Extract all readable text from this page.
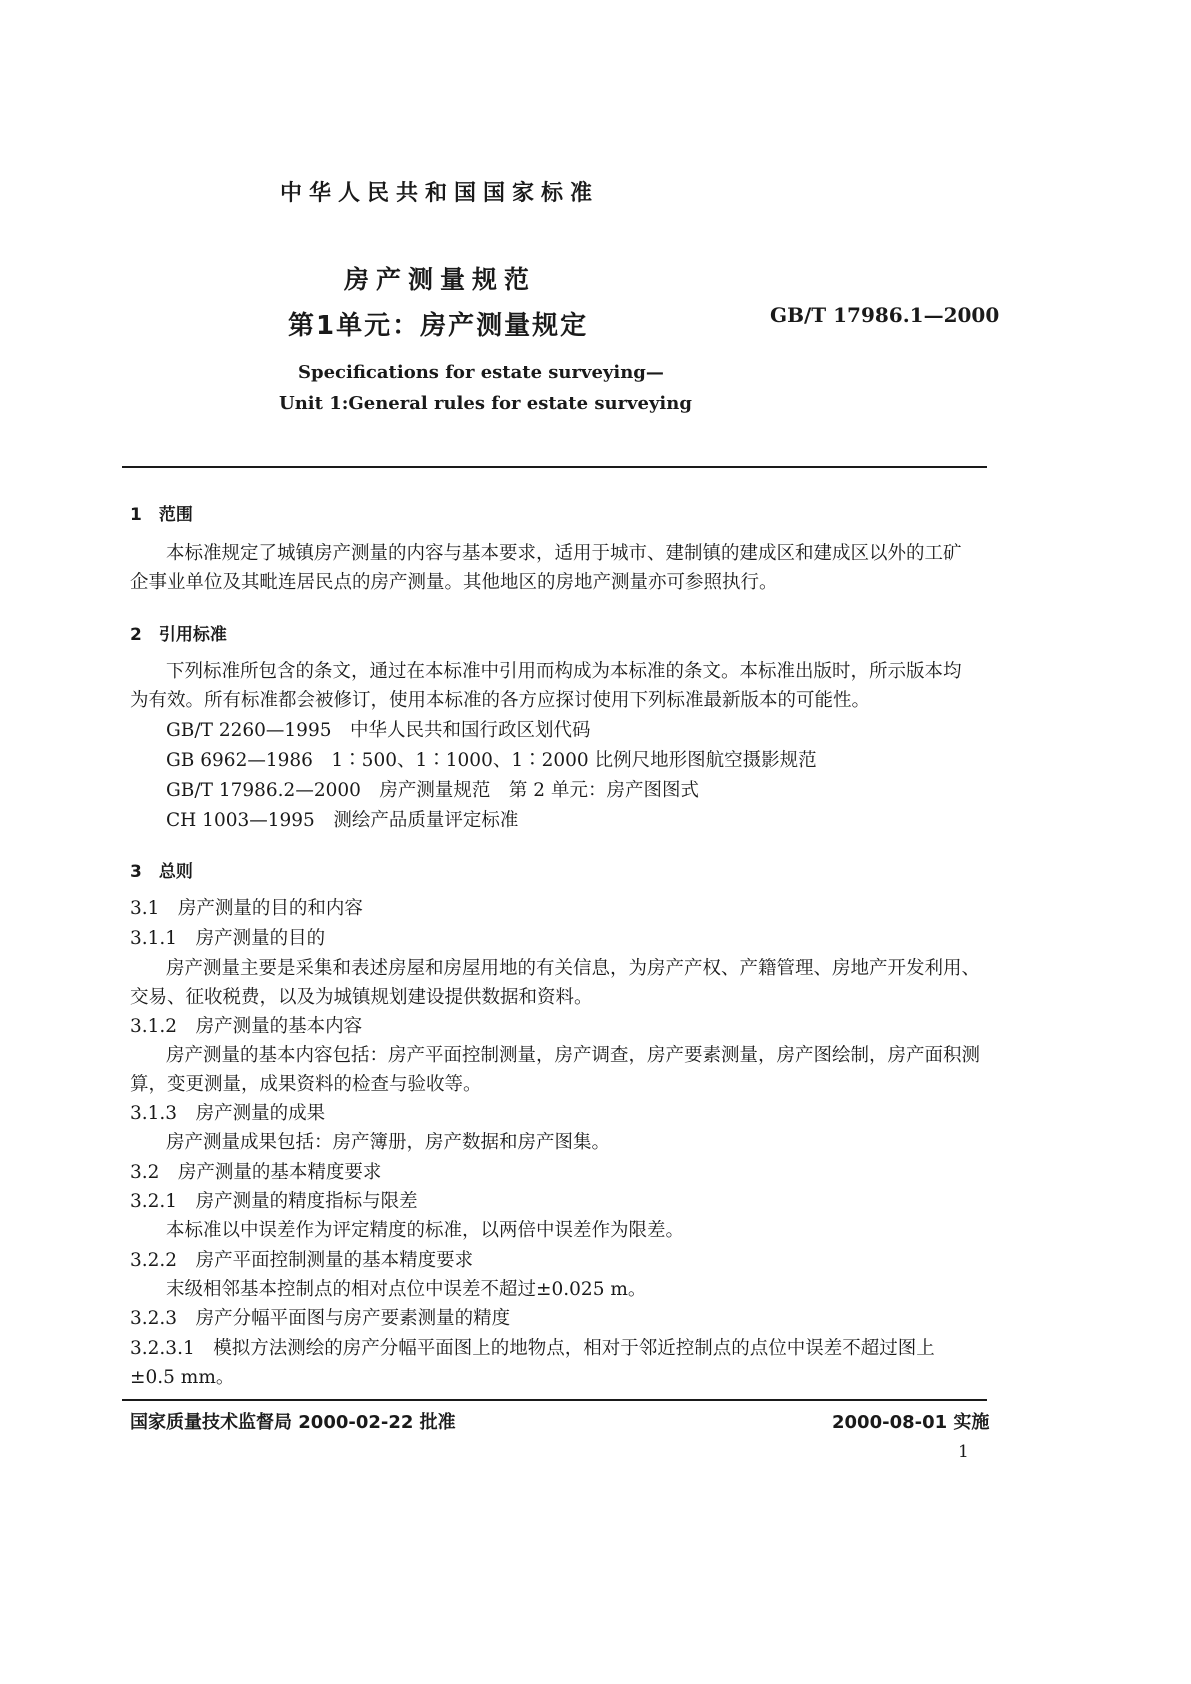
中华人民共和国国家标准
房产测量规范
第1单元：房产测量规定	GB/T 17986.1—2000
Specifications for estate surveying—
Unit 1:General rules for estate surveying
1　范围
本标准规定了城镇房产测量的内容与基本要求，适用于城市、建制镇的建成区和建成区以外的工矿
企事业单位及其毗连居民点的房产测量。其他地区的房地产测量亦可参照执行。
2　引用标准
下列标准所包含的条文，通过在本标准中引用而构成为本标准的条文。本标准出版时，所示版本均
为有效。所有标准都会被修订，使用本标准的各方应探讨使用下列标准最新版本的可能性。
GB/T 2260—1995　中华人民共和国行政区划代码
GB 6962—1986　1∶500、1∶1000、1∶2000 比例尺地形图航空摄影规范
GB/T 17986.2—2000　房产测量规范　第 2 单元：房产图图式
CH 1003—1995　测绘产品质量评定标准
3　总则
3.1　房产测量的目的和内容
3.1.1　房产测量的目的
房产测量主要是采集和表述房屋和房屋用地的有关信息，为房产产权、产籍管理、房地产开发利用、
交易、征收税费，以及为城镇规划建设提供数据和资料。
3.1.2　房产测量的基本内容
房产测量的基本内容包括：房产平面控制测量，房产调查，房产要素测量，房产图绘制，房产面积测
算，变更测量，成果资料的检查与验收等。
3.1.3　房产测量的成果
房产测量成果包括：房产簿册，房产数据和房产图集。
3.2　房产测量的基本精度要求
3.2.1　房产测量的精度指标与限差
本标准以中误差作为评定精度的标准，以两倍中误差作为限差。
3.2.2　房产平面控制测量的基本精度要求
末级相邻基本控制点的相对点位中误差不超过±0.025 m。
3.2.3　房产分幅平面图与房产要素测量的精度
3.2.3.1　模拟方法测绘的房产分幅平面图上的地物点，相对于邻近控制点的点位中误差不超过图上
±0.5 mm。
国家质量技术监督局 2000-02-22 批准	2000-08-01 实施
1
